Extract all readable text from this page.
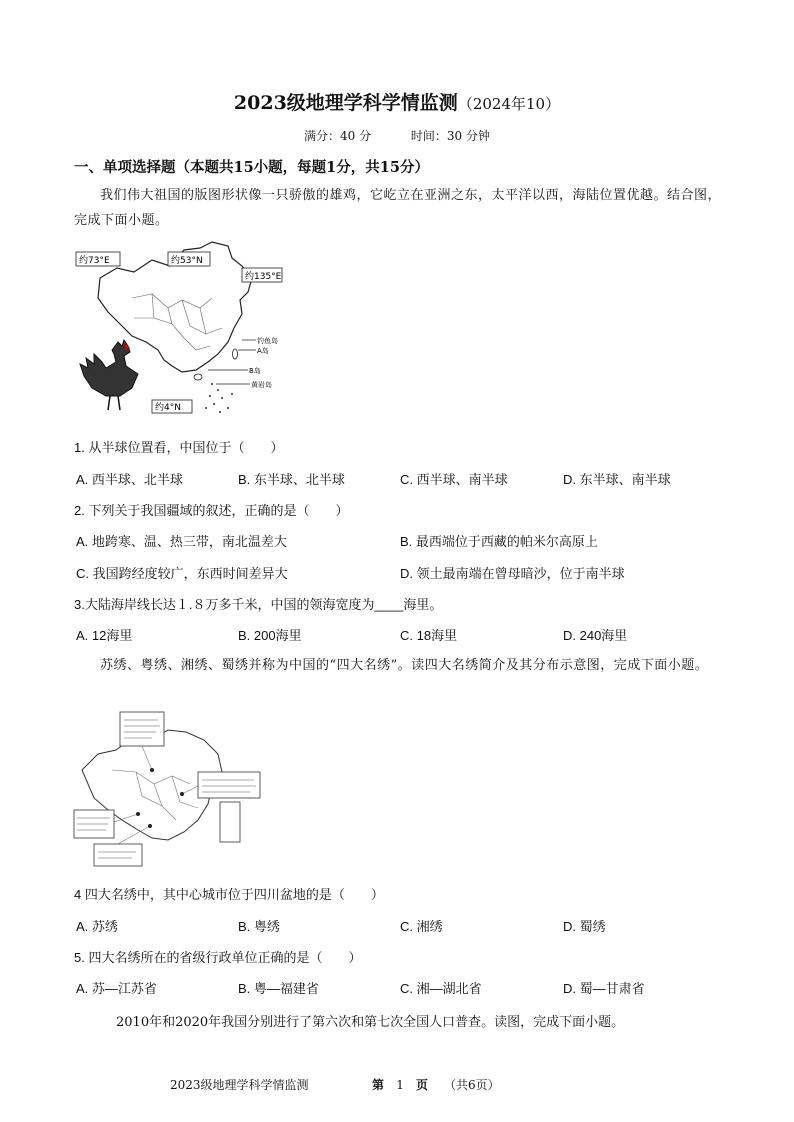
2023级地理学科学情监测（2024年10）
满分：40 分	时间：30 分钟
一、单项选择题（本题共15小题，每题1分，共15分）
我们伟大祖国的版图形状像一只骄傲的雄鸡，它屹立在亚洲之东，太平洋以西，海陆位置优越。结合图，完成下面小题。
约73°E	约53°N
约135°E
约4°N
钓鱼岛
A岛
B岛
黄岩岛
1. 从半球位置看，中国位于（　　）
A. 西半球、北半球	B. 东半球、北半球	C. 西半球、南半球	D. 东半球、南半球
2. 下列关于我国疆域的叙述，正确的是（　　）
A. 地跨寒、温、热三带，南北温差大	B. 最西端位于西藏的帕米尔高原上
C. 我国跨经度较广，东西时间差异大	D. 领土最南端在曾母暗沙，位于南半球
3.大陆海岸线长达１.８万多千米，中国的领海宽度为____海里。
A. 12海里	B. 200海里	C. 18海里	D. 240海里
苏绣、粤绣、湘绣、蜀绣并称为中国的“四大名绣”。读四大名绣简介及其分布示意图，完成下面小题。
4 四大名绣中，其中心城市位于四川盆地的是（　　）
A. 苏绣	B. 粤绣	C. 湘绣	D. 蜀绣
5. 四大名绣所在的省级行政单位正确的是（　　）
A. 苏—江苏省	B. 粤—福建省	C. 湘—湖北省	D. 蜀—甘肃省
2010年和2020年我国分别进行了第六次和第七次全国人口普查。读图，完成下面小题。
2023级地理学科学情监测	第 1 页 （共6页）
